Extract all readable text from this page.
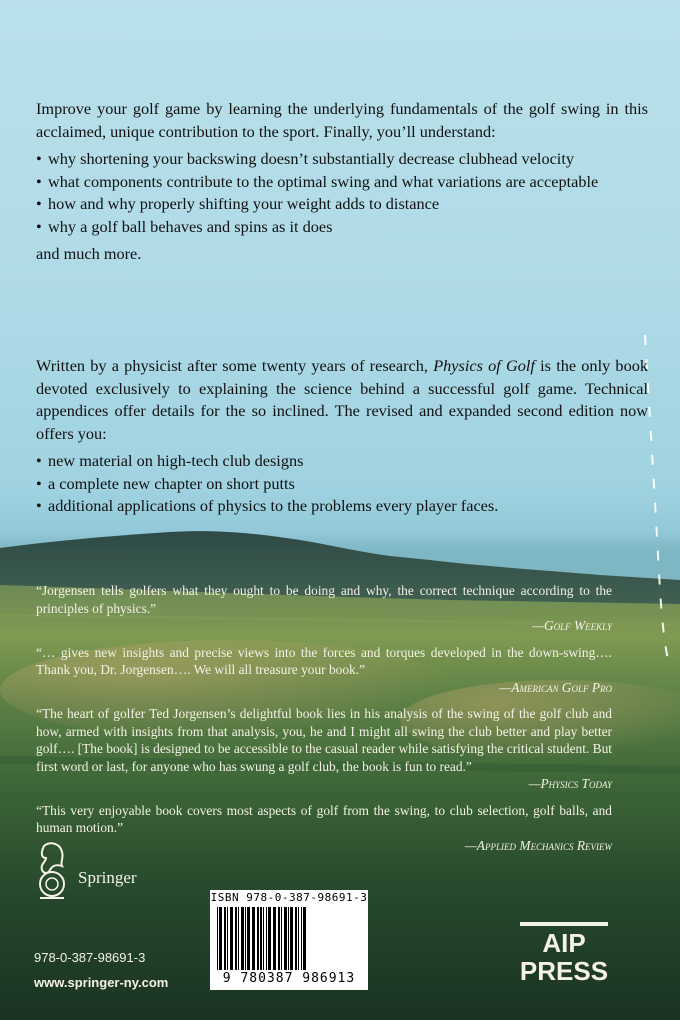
Improve your golf game by learning the underlying fundamentals of the golf swing in this acclaimed, unique contribution to the sport. Finally, you’ll understand:

• why shortening your backswing doesn’t substantially decrease clubhead velocity
• what components contribute to the optimal swing and what variations are acceptable
• how and why properly shifting your weight adds to distance
• why a golf ball behaves and spins as it does

and much more.

Written by a physicist after some twenty years of research, Physics of Golf is the only book devoted exclusively to explaining the science behind a successful golf game. Technical appendices offer details for the so inclined. The revised and expanded second edition now offers you:

• new material on high-tech club designs
• a complete new chapter on short putts
• additional applications of physics to the problems every player faces.

“Jorgensen tells golfers what they ought to be doing and why, the correct technique according to the principles of physics.”
—Golf Weekly

“… gives new insights and precise views into the forces and torques developed in the down-swing…. Thank you, Dr. Jorgensen…. We will all treasure your book.”
—American Golf Pro

“The heart of golfer Ted Jorgensen’s delightful book lies in his analysis of the swing of the golf club and how, armed with insights from that analysis, you, he and I might all swing the club better and play better golf…. [The book] is designed to be accessible to the casual reader while satisfying the critical student. But first word or last, for anyone who has swung a golf club, the book is fun to read.”
—Physics Today

“This very enjoyable book covers most aspects of golf from the swing, to club selection, golf balls, and human motion.”
—Applied Mechanics Review

Springer
978-0-387-98691-3
www.springer-ny.com
ISBN 978-0-387-98691-3
9 780387 986913
AIP
PRESS
